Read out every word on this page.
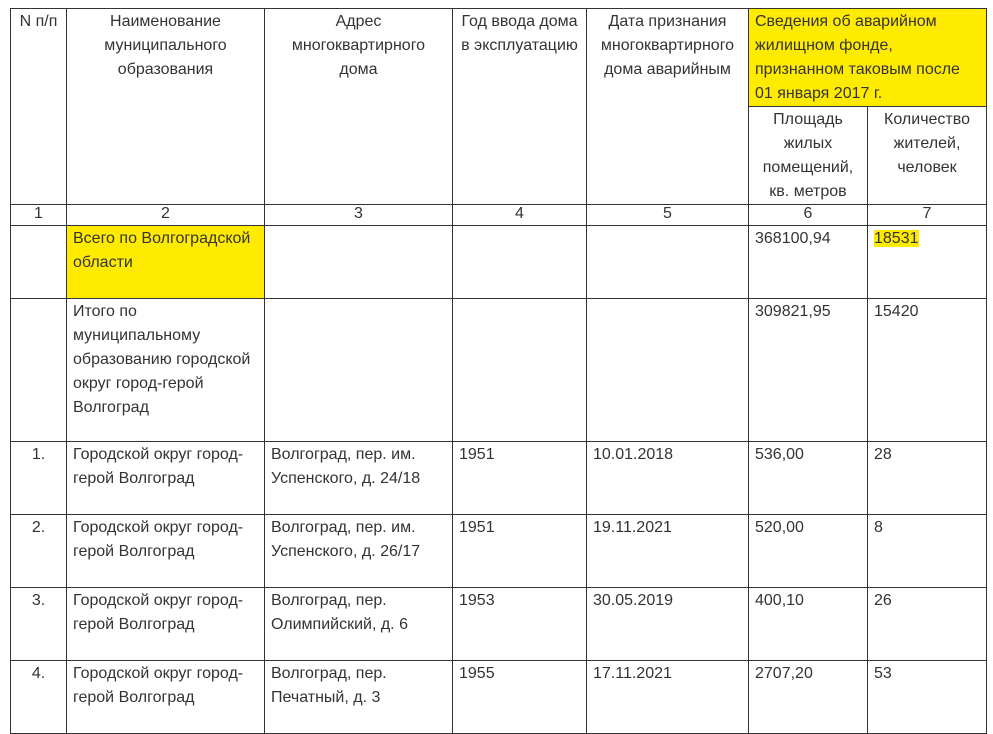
N п/п	Наименование муниципального образования	Адрес многоквартирного дома	Год ввода дома в эксплуатацию	Дата признания многоквартирного дома аварийным	Сведения об аварийном жилищном фонде, признанном таковым после 01 января 2017 г.	
					Площадь жилых помещений, кв. метров	Количество жителей, человек
1	2	3	4	5	6	7
	Всего по Волгоградской области				368100,94	18531
	Итого по муниципальному образованию городской округ город-герой Волгоград				309821,95	15420
1.	Городской округ город-герой Волгоград	Волгоград, пер. им. Успенского, д. 24/18	1951	10.01.2018	536,00	28
2.	Городской округ город-герой Волгоград	Волгоград, пер. им. Успенского, д. 26/17	1951	19.11.2021	520,00	8
3.	Городской округ город-герой Волгоград	Волгоград, пер. Олимпийский, д. 6	1953	30.05.2019	400,10	26
4.	Городской округ город-герой Волгоград	Волгоград, пер. Печатный, д. 3	1955	17.11.2021	2707,20	53
